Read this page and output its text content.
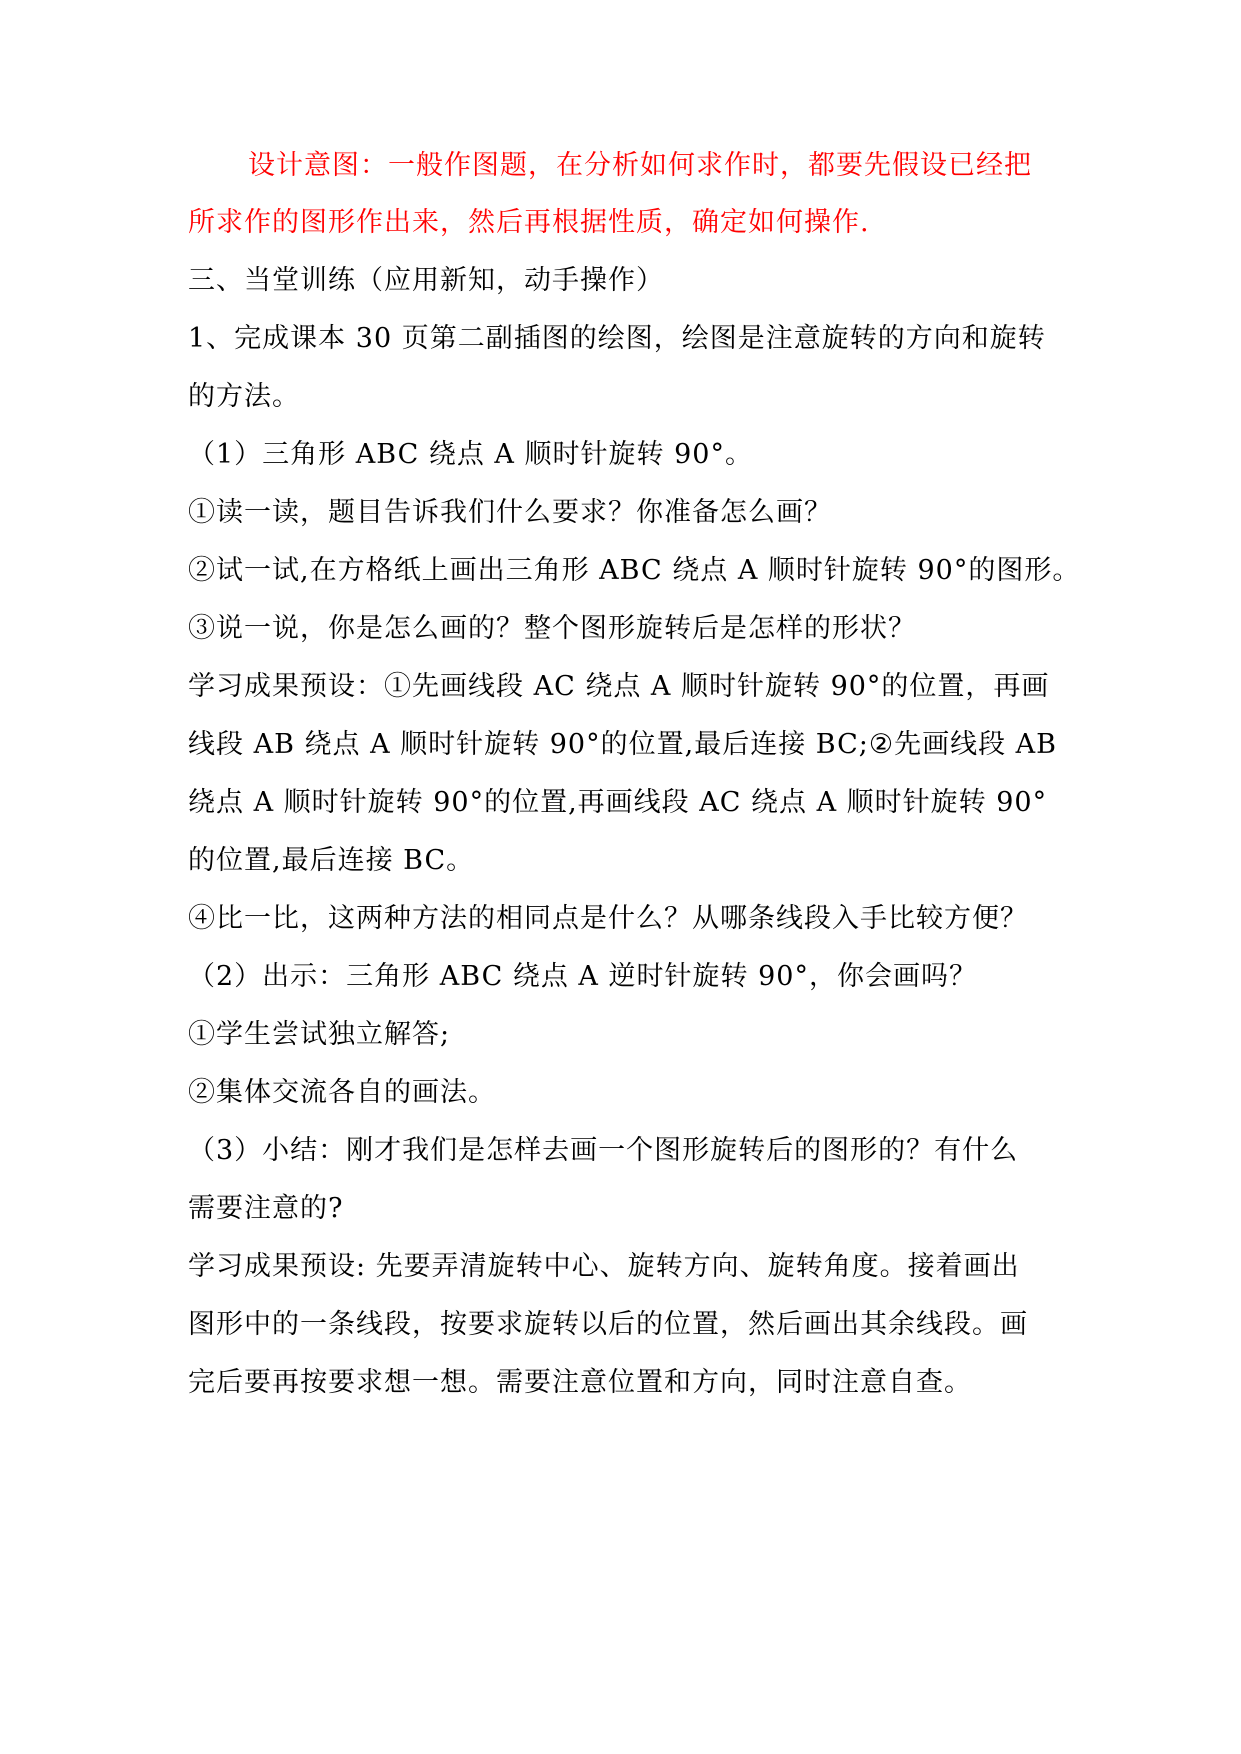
设计意图：一般作图题，在分析如何求作时，都要先假设已经把
所求作的图形作出来，然后再根据性质，确定如何操作.
三、当堂训练（应用新知，动手操作）
1、完成课本 30 页第二副插图的绘图，绘图是注意旋转的方向和旋转
的方法。
（1）三角形 ABC 绕点 A 顺时针旋转 90°。
①读一读，题目告诉我们什么要求？你准备怎么画？
②试一试,在方格纸上画出三角形 ABC 绕点 A 顺时针旋转 90°的图形。
③说一说，你是怎么画的？整个图形旋转后是怎样的形状？
学习成果预设：①先画线段 AC 绕点 A 顺时针旋转 90°的位置，再画
线段 AB 绕点 A 顺时针旋转 90°的位置,最后连接 BC;②先画线段 AB
绕点 A 顺时针旋转 90°的位置,再画线段 AC 绕点 A 顺时针旋转 90°
的位置,最后连接 BC。
④比一比，这两种方法的相同点是什么？从哪条线段入手比较方便？
（2）出示：三角形 ABC 绕点 A 逆时针旋转 90°，你会画吗？
①学生尝试独立解答;
②集体交流各自的画法。
（3）小结：刚才我们是怎样去画一个图形旋转后的图形的？有什么
需要注意的?
学习成果预设: 先要弄清旋转中心、旋转方向、旋转角度。接着画出
图形中的一条线段，按要求旋转以后的位置，然后画出其余线段。画
完后要再按要求想一想。需要注意位置和方向，同时注意自查。
